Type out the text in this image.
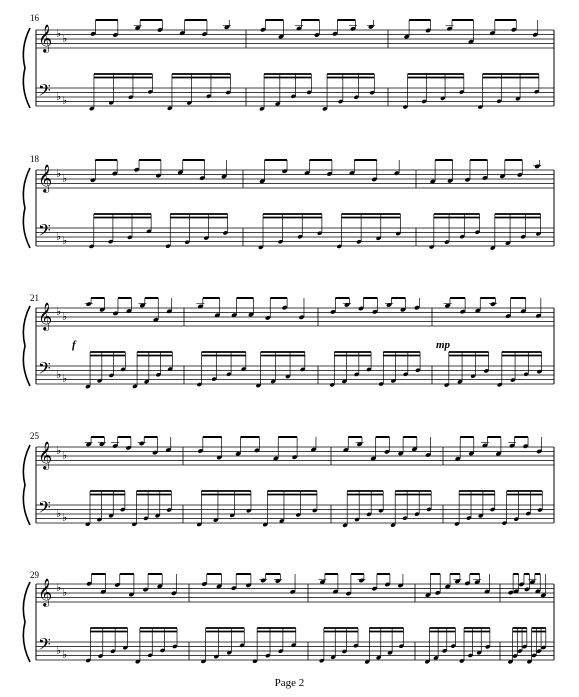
𝄞 ♭ ♭
𝄢 ♭ ♭
𝄞 ♭ ♭
𝄢 ♭ ♭
𝄞 ♭ ♭
𝄢 ♭ ♭
𝄞 ♭ ♭
𝄢 ♭ ♭
𝄞 ♭ ♭
𝄢 ♭ ♭
16
18
21
25
29
f	mp
Page 2
